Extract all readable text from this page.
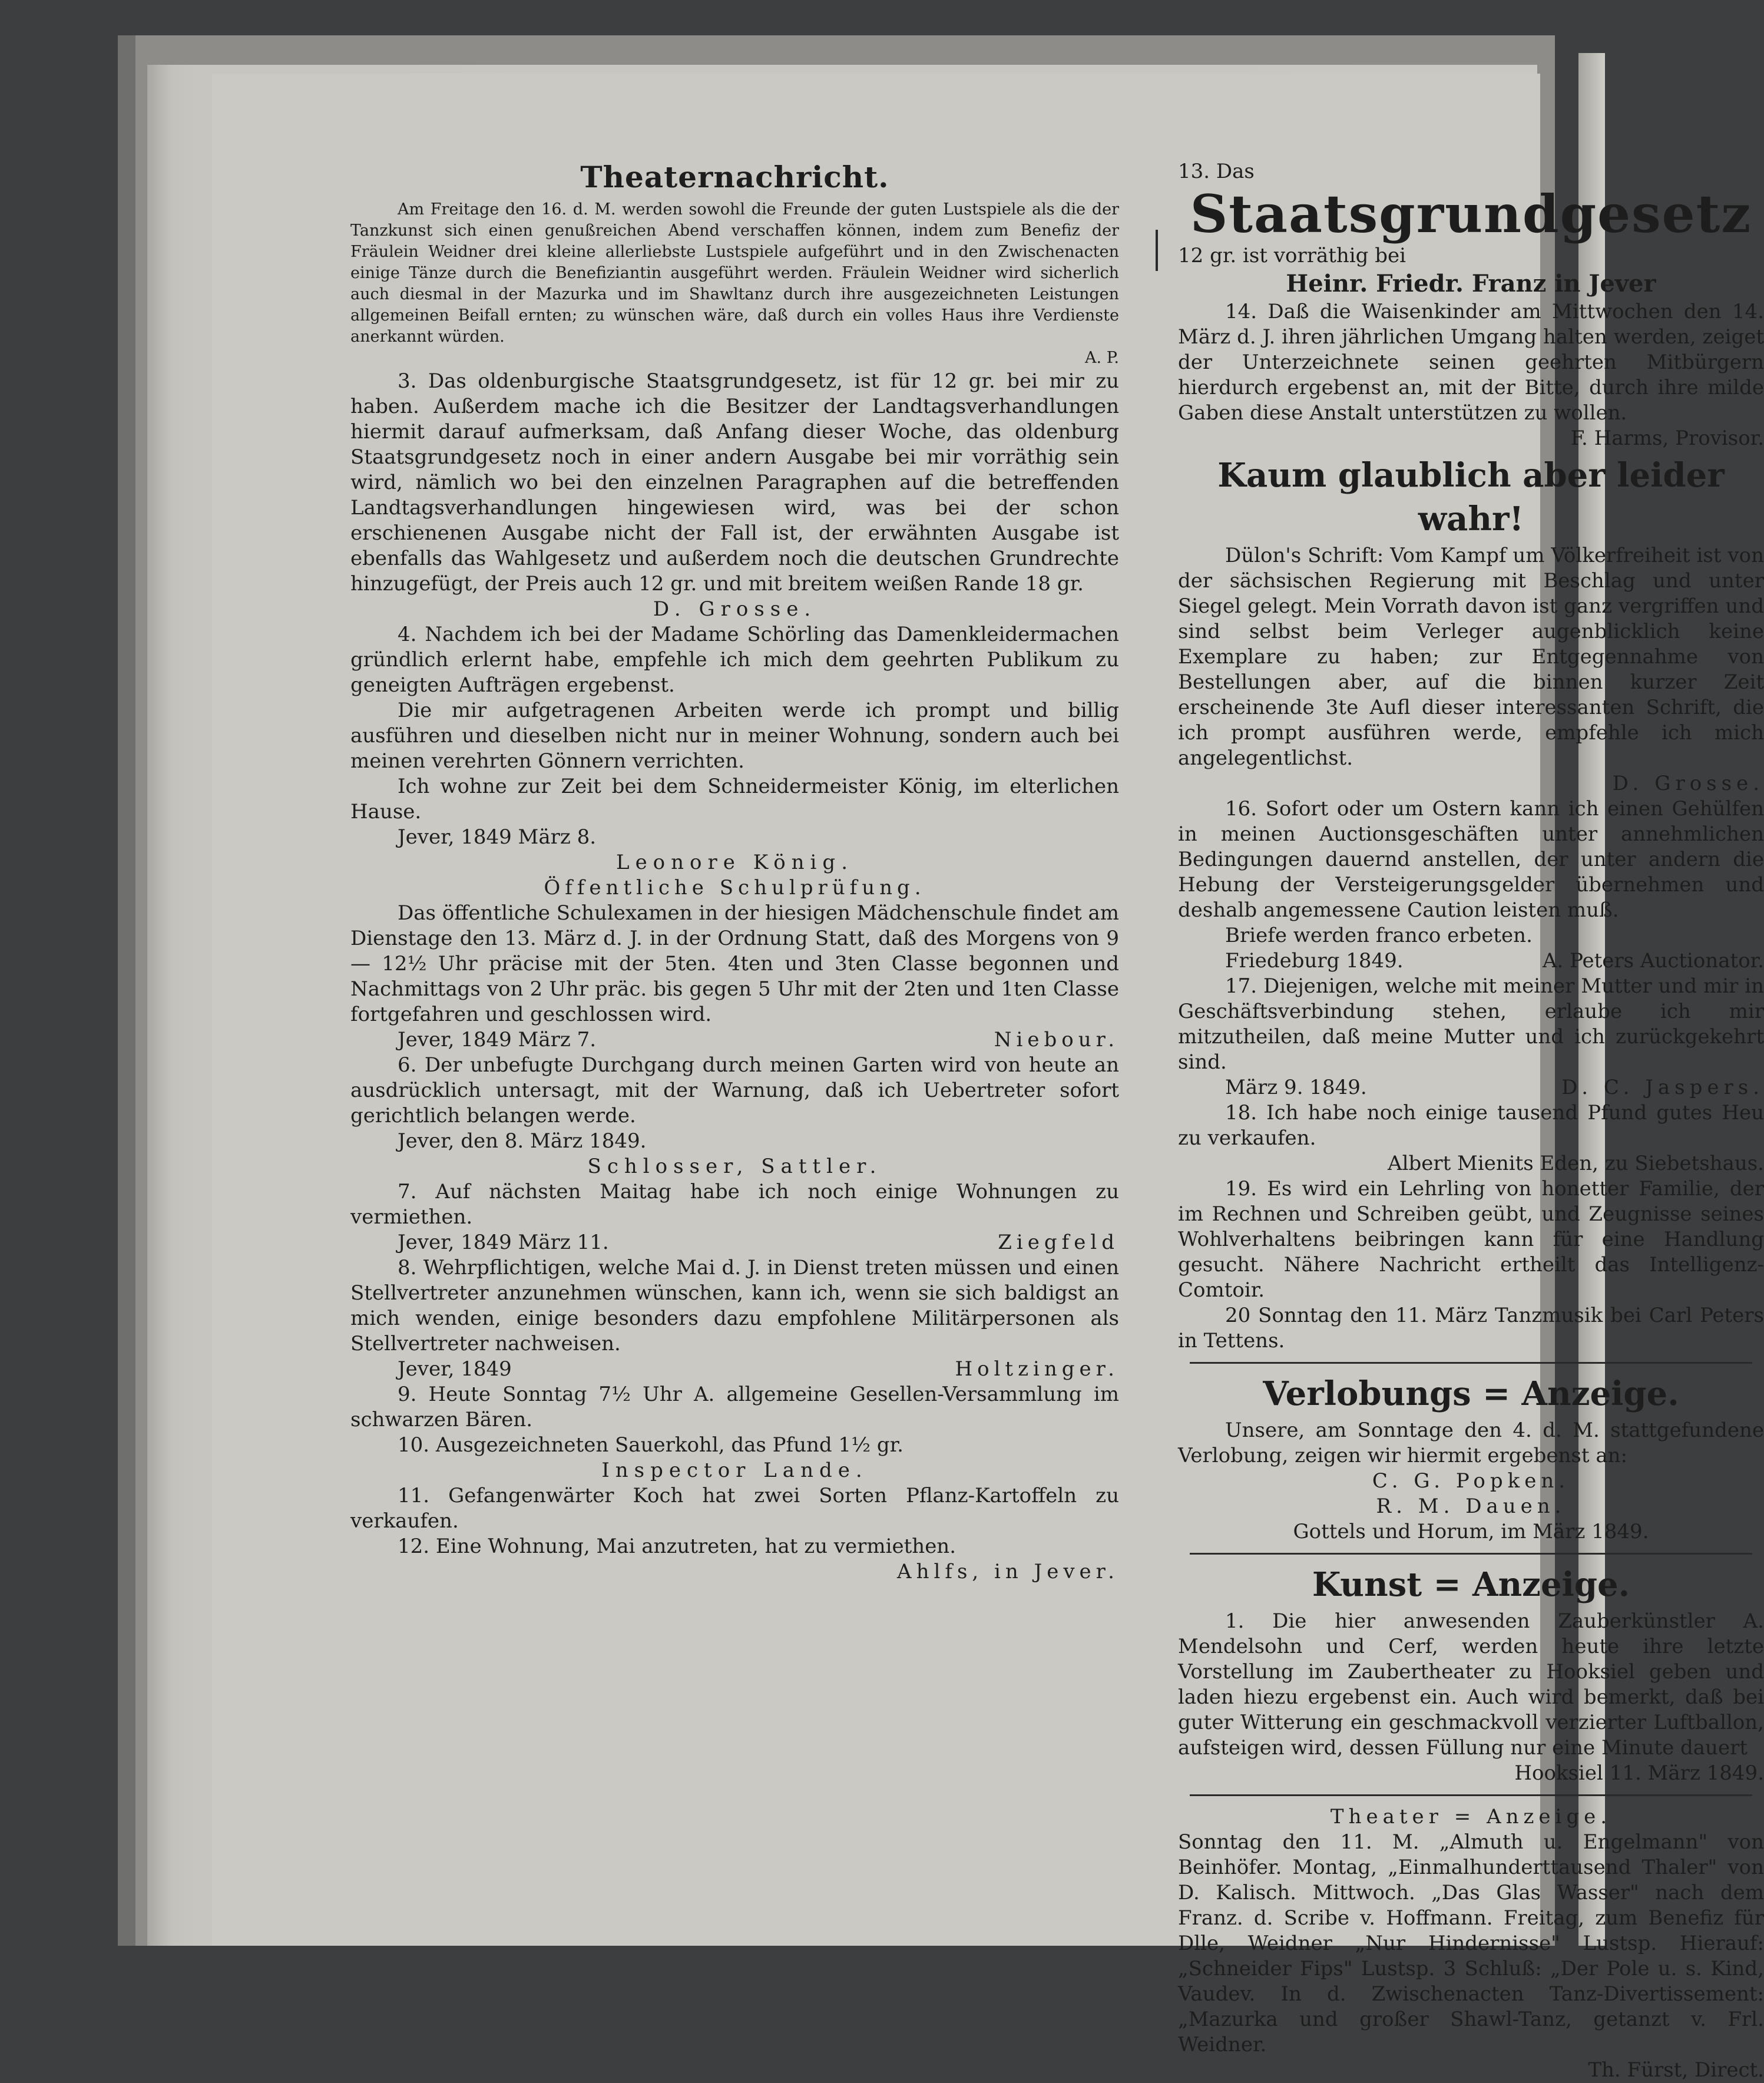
Theaternachricht.

Am Freitage den 16. d. M. werden sowohl die Freunde der guten Lustspiele als die der Tanzkunst sich einen genußreichen Abend verschaffen können, indem zum Benefiz der Fräulein Weidner drei kleine allerliebste Lustspiele aufgeführt und in den Zwischenacten einige Tänze durch die Benefiziantin ausgeführt werden. Fräulein Weidner wird sicherlich auch diesmal in der Mazurka und im Shawltanz durch ihre ausgezeichneten Leistungen allgemeinen Beifall ernten; zu wünschen wäre, daß durch ein volles Haus ihre Verdienste anerkannt würden.

A. P.

3. Das oldenburgische Staatsgrundgesetz, ist für 12 gr. bei mir zu haben. Außerdem mache ich die Besitzer der Landtagsverhandlungen hiermit darauf aufmerksam, daß Anfang dieser Woche, das oldenburg Staatsgrundgesetz noch in einer andern Ausgabe bei mir vorräthig sein wird, nämlich wo bei den einzelnen Paragraphen auf die betreffenden Landtagsverhandlungen hingewiesen wird, was bei der schon erschienenen Ausgabe nicht der Fall ist, der erwähnten Ausgabe ist ebenfalls das Wahlgesetz und außerdem noch die deutschen Grundrechte hinzugefügt, der Preis auch 12 gr. und mit breitem weißen Rande 18 gr.

D. Grosse.

4. Nachdem ich bei der Madame Schörling das Damenkleidermachen gründlich erlernt habe, empfehle ich mich dem geehrten Publikum zu geneigten Aufträgen ergebenst.

Die mir aufgetragenen Arbeiten werde ich prompt und billig ausführen und dieselben nicht nur in meiner Wohnung, sondern auch bei meinen verehrten Gönnern verrichten.

Ich wohne zur Zeit bei dem Schneidermeister König, im elterlichen Hause.

Jever, 1849 März 8.

Leonore König.

Öffentliche Schulprüfung.

Das öffentliche Schulexamen in der hiesigen Mädchenschule findet am Dienstage den 13. März d. J. in der Ordnung Statt, daß des Morgens von 9 — 12½ Uhr präcise mit der 5ten. 4ten und 3ten Classe begonnen und Nachmittags von 2 Uhr präc. bis gegen 5 Uhr mit der 2ten und 1ten Classe fortgefahren und geschlossen wird.

Jever, 1849 März 7.	Niebour.

6. Der unbefugte Durchgang durch meinen Garten wird von heute an ausdrücklich untersagt, mit der Warnung, daß ich Uebertreter sofort gerichtlich belangen werde.

Jever, den 8. März 1849.

Schlosser, Sattler.

7. Auf nächsten Maitag habe ich noch einige Wohnungen zu vermiethen.

Jever, 1849 März 11.	Ziegfeld

8. Wehrpflichtigen, welche Mai d. J. in Dienst treten müssen und einen Stellvertreter anzunehmen wünschen, kann ich, wenn sie sich baldigst an mich wenden, einige besonders dazu empfohlene Militärpersonen als Stellvertreter nachweisen.

Jever, 1849	Holtzinger.

9. Heute Sonntag 7½ Uhr A. allgemeine Gesellen-Versammlung im schwarzen Bären.

10. Ausgezeichneten Sauerkohl, das Pfund 1½ gr.

Inspector Lande.

11. Gefangenwärter Koch hat zwei Sorten Pflanz-Kartoffeln zu verkaufen.

12. Eine Wohnung, Mai anzutreten, hat zu vermiethen.

Ahlfs, in Jever.

13. Das

Staatsgrundgesetz

12 gr. ist vorräthig bei

Heinr. Friedr. Franz in Jever

14. Daß die Waisenkinder am Mittwochen den 14. März d. J. ihren jährlichen Umgang halten werden, zeiget der Unterzeichnete seinen geehrten Mitbürgern hierdurch ergebenst an, mit der Bitte, durch ihre milde Gaben diese Anstalt unterstützen zu wollen.

F. Harms, Provisor.

Kaum glaublich aber leider wahr!

Dülon's Schrift: Vom Kampf um Völkerfreiheit ist von der sächsischen Regierung mit Beschlag und unter Siegel gelegt. Mein Vorrath davon ist ganz vergriffen und sind selbst beim Verleger augenblicklich keine Exemplare zu haben; zur Entgegennahme von Bestellungen aber, auf die binnen kurzer Zeit erscheinende 3te Aufl dieser interessanten Schrift, die ich prompt ausführen werde, empfehle ich mich angelegentlichst.

D. Grosse.

16. Sofort oder um Ostern kann ich einen Gehülfen in meinen Auctionsgeschäften unter annehmlichen Bedingungen dauernd anstellen, der unter andern die Hebung der Versteigerungsgelder übernehmen und deshalb angemessene Caution leisten muß.

Briefe werden franco erbeten.

Friedeburg 1849.	A. Peters Auctionator.

17. Diejenigen, welche mit meiner Mutter und mir in Geschäftsverbindung stehen, erlaube ich mir mitzutheilen, daß meine Mutter und ich zurückgekehrt sind.

März 9. 1849.	D. C. Jaspers.

18. Ich habe noch einige tausend Pfund gutes Heu zu verkaufen.

Albert Mienits Eden, zu Siebetshaus.

19. Es wird ein Lehrling von honetter Familie, der im Rechnen und Schreiben geübt, und Zeugnisse seines Wohlverhaltens beibringen kann für eine Handlung gesucht. Nähere Nachricht ertheilt das Intelligenz-Comtoir.

20 Sonntag den 11. März Tanzmusik bei Carl Peters in Tettens.

Verlobungs = Anzeige.

Unsere, am Sonntage den 4. d. M. stattgefundene Verlobung, zeigen wir hiermit ergebenst an:

C. G. Popken.

R. M. Dauen.

Gottels und Horum, im März 1849.

Kunst = Anzeige.

1. Die hier anwesenden Zauberkünstler A. Mendelsohn und Cerf, werden heute ihre letzte Vorstellung im Zaubertheater zu Hooksiel geben und laden hiezu ergebenst ein. Auch wird bemerkt, daß bei guter Witterung ein geschmackvoll verzierter Luftballon, aufsteigen wird, dessen Füllung nur eine Minute dauert

Hooksiel 11. März 1849.

Theater = Anzeige.

Sonntag den 11. M. „Almuth u. Engelmann" von Beinhöfer. Montag, „Einmalhunderttausend Thaler" von D. Kalisch. Mittwoch. „Das Glas Wasser" nach dem Franz. d. Scribe v. Hoffmann. Freitag, zum Benefiz für Dlle, Weidner „Nur Hindernisse" Lustsp. Hierauf: „Schneider Fips" Lustsp. 3 Schluß: „Der Pole u. s. Kind, Vaudev. In d. Zwischenacten Tanz-Divertissement: „Mazurka und großer Shawl-Tanz, getanzt v. Frl. Weidner.

Th. Fürst, Direct.
